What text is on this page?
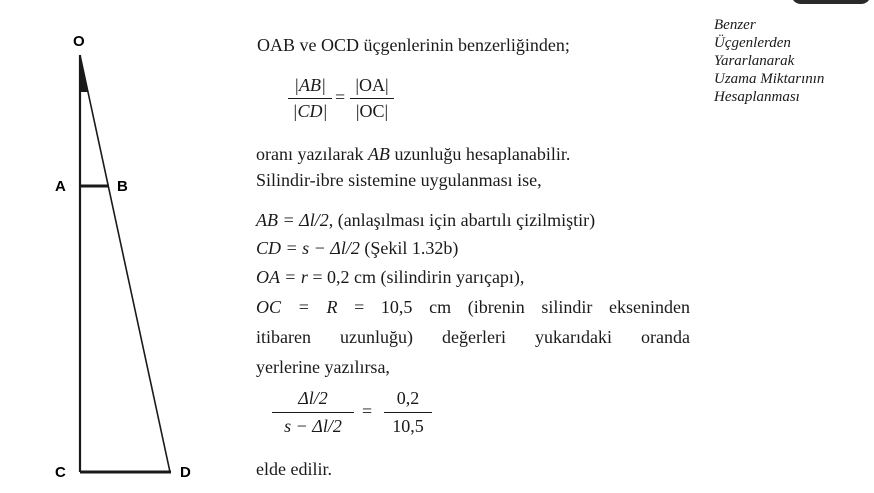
O
A	B
C	D
Benzer
Üçgenlerden
Yararlanarak
Uzama Miktarının
Hesaplanması
OAB ve OCD üçgenlerinin benzerliğinden;
|AB|
|CD|
=
|OA|
|OC|
oranı yazılarak AB uzunluğu hesaplanabilir.
Silindir-ibre sistemine uygulanması ise,
AB = Δl/2, (anlaşılması için abartılı çizilmiştir)
CD = s − Δl/2 (Şekil 1.32b)
OA = r = 0,2 cm (silindirin yarıçapı),
OC = R = 10,5 cm (ibrenin silindir ekseninden
itibaren uzunluğu) değerleri yukarıdaki oranda
yerlerine yazılırsa,
Δl/2
s − Δl/2
=
0,2
10,5
elde edilir.
